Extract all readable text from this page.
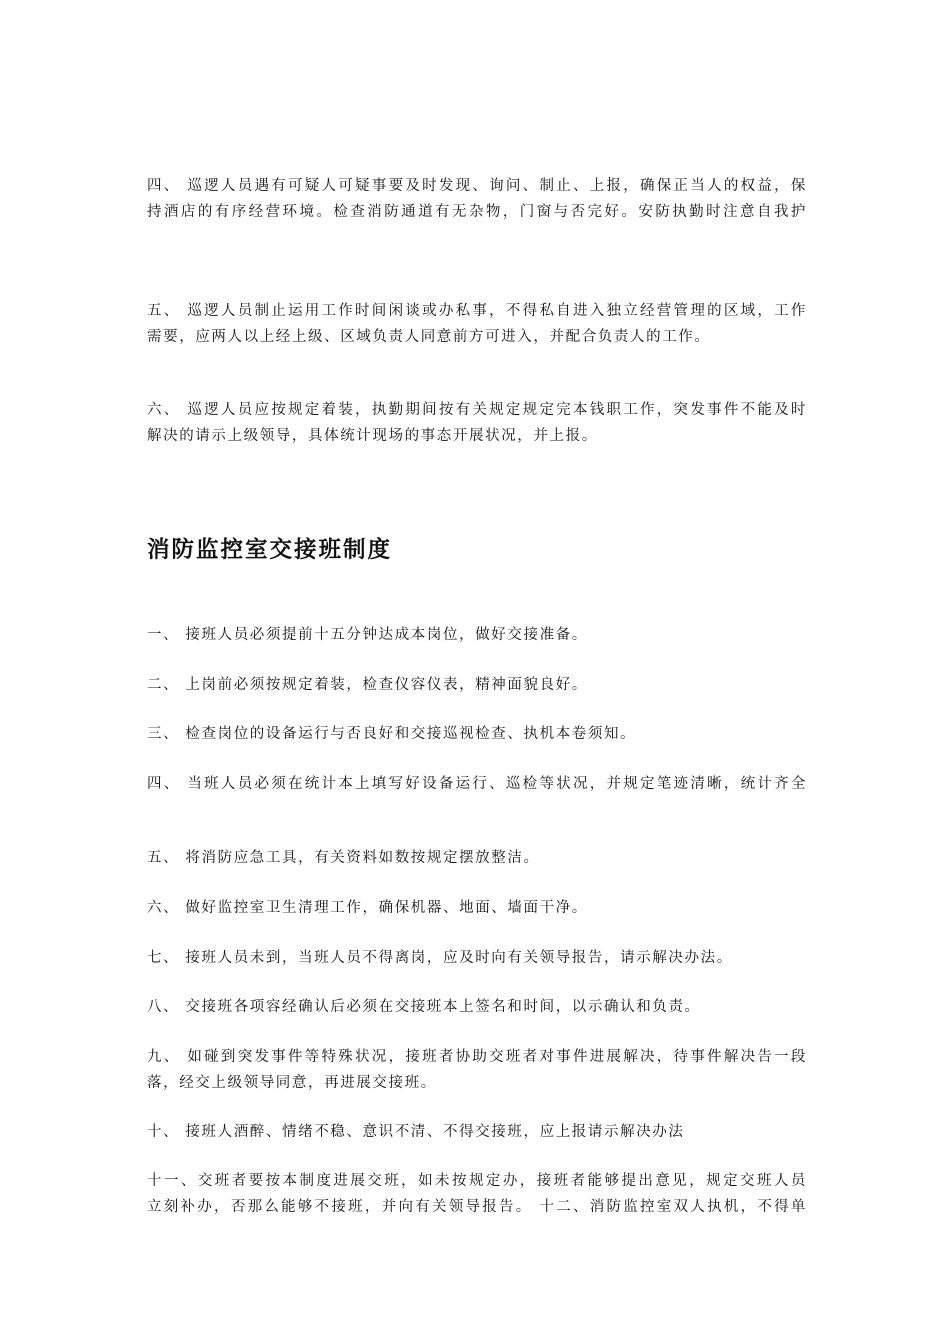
四、 巡逻人员遇有可疑人可疑事要及时发现、询问、制止、上报，确保正当人的权益，保
持酒店的有序经营环境。检查消防通道有无杂物，门窗与否完好。安防执勤时注意自我护

五、 巡逻人员制止运用工作时间闲谈或办私事，不得私自进入独立经营管理的区域，工作
需要，应两人以上经上级、区域负责人同意前方可进入，并配合负责人的工作。

六、 巡逻人员应按规定着装，执勤期间按有关规定规定完本钱职工作，突发事件不能及时
解决的请示上级领导，具体统计现场的事态开展状况，并上报。

消防监控室交接班制度

一、 接班人员必须提前十五分钟达成本岗位，做好交接准备。

二、 上岗前必须按规定着装，检查仪容仪表，精神面貌良好。

三、 检查岗位的设备运行与否良好和交接巡视检查、执机本卷须知。

四、 当班人员必须在统计本上填写好设备运行、巡检等状况，并规定笔迹清晰，统计齐全

五、 将消防应急工具，有关资料如数按规定摆放整洁。

六、 做好监控室卫生清理工作，确保机器、地面、墙面干净。

七、 接班人员未到，当班人员不得离岗，应及时向有关领导报告，请示解决办法。

八、 交接班各项容经确认后必须在交接班本上签名和时间，以示确认和负责。

九、 如碰到突发事件等特殊状况，接班者协助交班者对事件进展解决，待事件解决告一段
落，经交上级领导同意，再进展交接班。

十、 接班人酒醉、情绪不稳、意识不清、不得交接班，应上报请示解决办法

十一、交班者要按本制度进展交班，如未按规定办，接班者能够提出意见，规定交班人员
立刻补办，否那么能够不接班，并向有关领导报告。 十二、消防监控室双人执机，不得单
